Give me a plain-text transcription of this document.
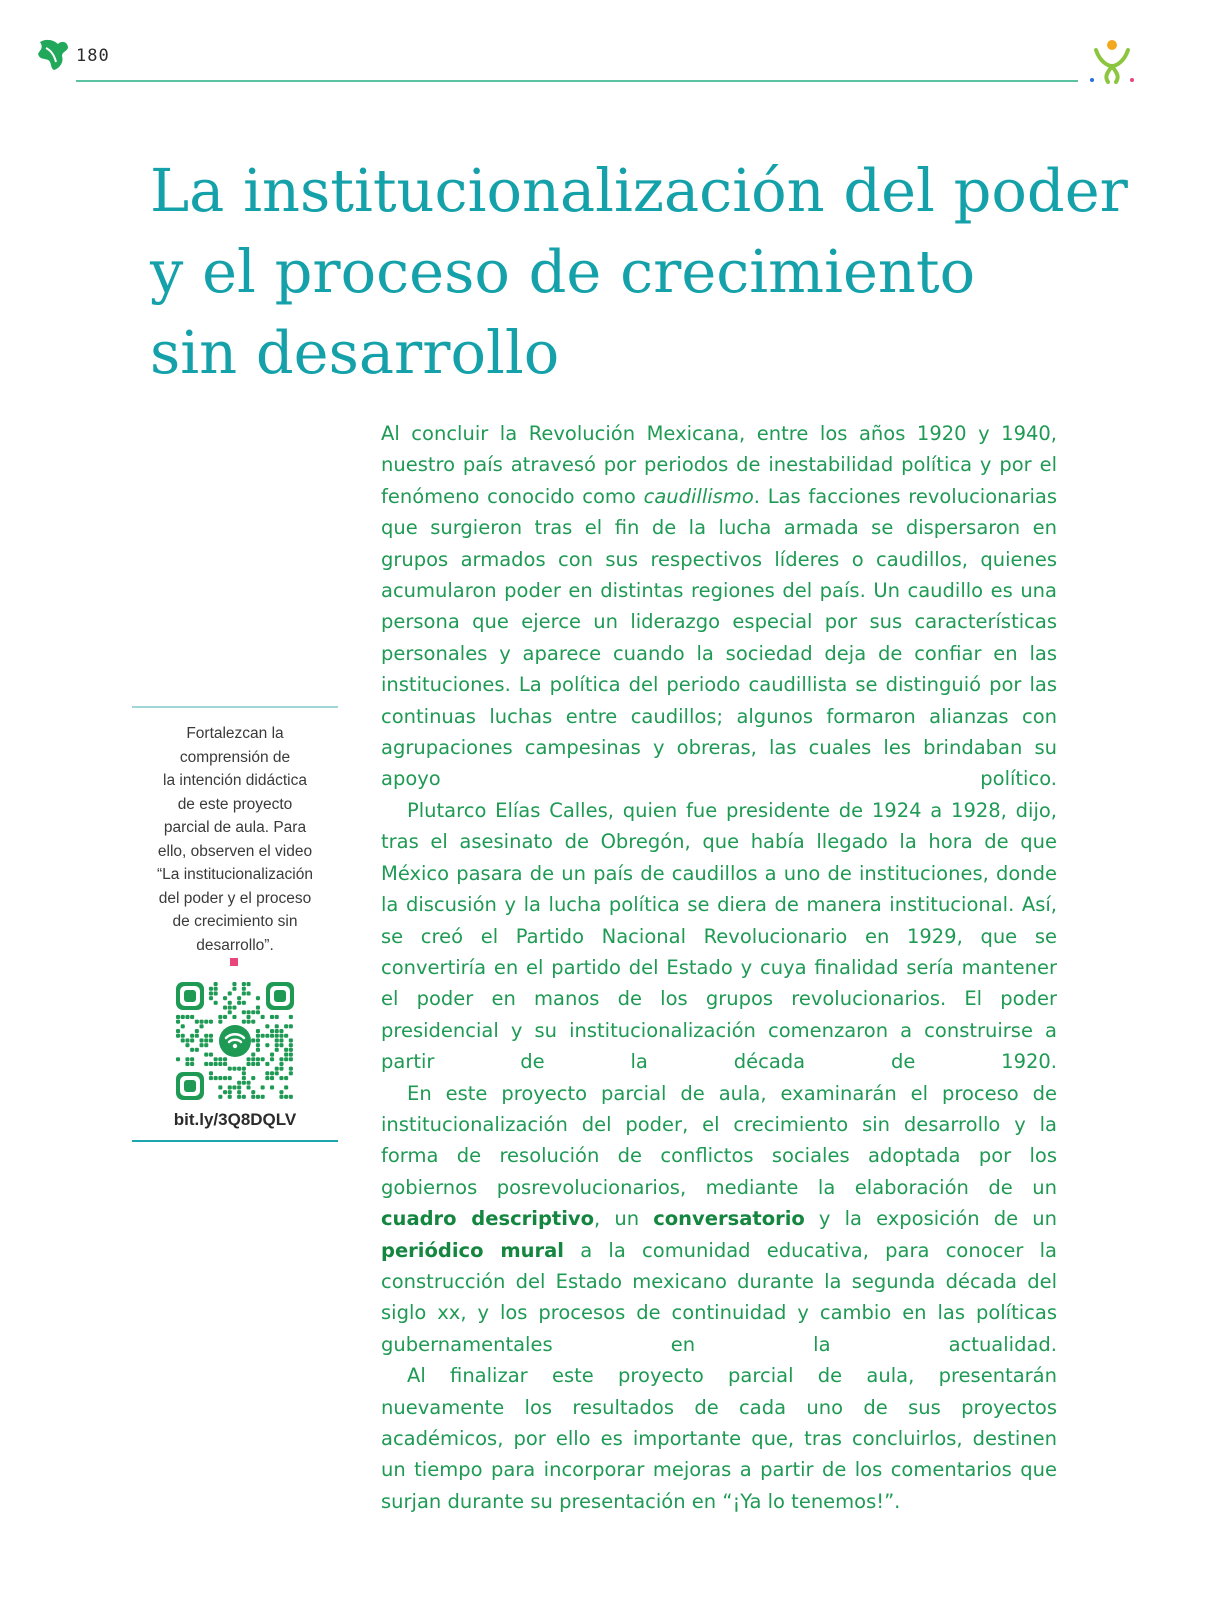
180
La institucionalización del poder
y el proceso de crecimiento
sin desarrollo
Fortalezcan la
comprensión de
la intención didáctica
de este proyecto
parcial de aula. Para
ello, observen el video
“La institucionalización
del poder y el proceso
de crecimiento sin
desarrollo”.
bit.ly/3Q8DQLV

Al concluir la Revolución Mexicana, entre los años 1920 y 1940, nuestro país atravesó por periodos de inestabilidad política y por el fenómeno conocido como caudillismo. Las facciones revolucionarias que surgieron tras el fin de la lucha armada se dispersaron en grupos armados con sus respectivos líderes o caudillos, quienes acumularon poder en distintas regiones del país. Un caudillo es una persona que ejerce un liderazgo especial por sus características personales y aparece cuando la sociedad deja de confiar en las instituciones. La política del periodo caudillista se distinguió por las continuas luchas entre caudillos; algunos formaron alianzas con agrupaciones campesinas y obreras, las cuales les brindaban su apoyo político.

Plutarco Elías Calles, quien fue presidente de 1924 a 1928, dijo, tras el asesinato de Obregón, que había llegado la hora de que México pasara de un país de caudillos a uno de instituciones, donde la discusión y la lucha política se diera de manera institucional. Así, se creó el Partido Nacional Revolucionario en 1929, que se convertiría en el partido del Estado y cuya finalidad sería mantener el poder en manos de los grupos revolucionarios. El poder presidencial y su institucionalización comenzaron a construirse a partir de la década de 1920.

En este proyecto parcial de aula, examinarán el proceso de institucionalización del poder, el crecimiento sin desarrollo y la forma de resolución de conflictos sociales adoptada por los gobiernos posrevolucionarios, mediante la elaboración de un cuadro descriptivo, un conversatorio y la exposición de un periódico mural a la comunidad educativa, para conocer la construcción del Estado mexicano durante la segunda década del siglo xx, y los procesos de continuidad y cambio en las políticas gubernamentales en la actualidad.

Al finalizar este proyecto parcial de aula, presentarán nuevamente los resultados de cada uno de sus proyectos académicos, por ello es importante que, tras concluirlos, destinen un tiempo para incorporar mejoras a partir de los comentarios que surjan durante su presentación en “¡Ya lo tenemos!”.
